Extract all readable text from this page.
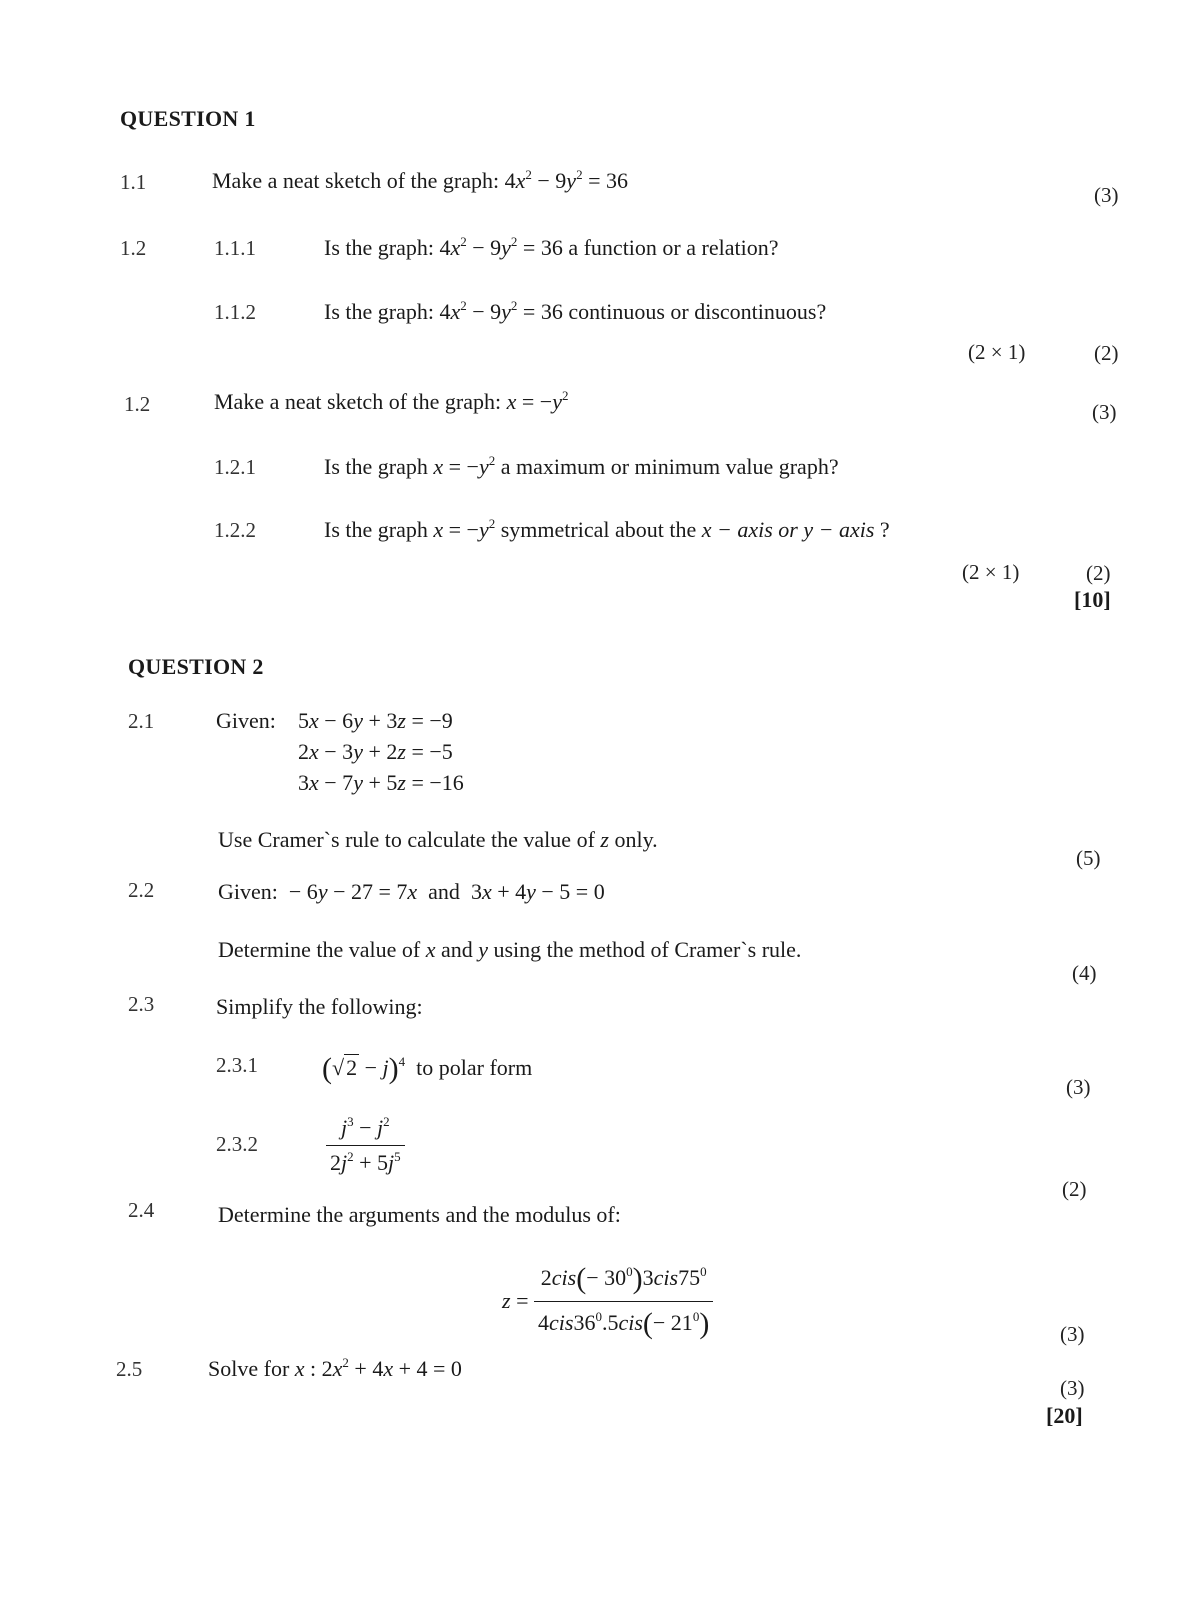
QUESTION 1
1.1	Make a neat sketch of the graph: $4x^2 - 9y^2 = 36$
(3)
1.2	1.1.1	Is the graph: $4x^2 - 9y^2 = 36$ a function or a relation?
1.1.2	Is the graph: $4x^2 - 9y^2 = 36$ continuous or discontinuous?
(2 × 1)	(2)
1.2	Make a neat sketch of the graph: $x = -y^2$
(3)
1.2.1	Is the graph $x = -y^2$ a maximum or minimum value graph?
1.2.2	Is the graph $x = -y^2$ symmetrical about the x − axis or y − axis ?
(2 × 1)	(2)
[10]
QUESTION 2
2.1	Given: 5x − 6y + 3z = −9
2x − 3y + 2z = −5
3x − 7y + 5z = −16
Use Cramer`s rule to calculate the value of z only.
(5)
2.2	Given: − 6y − 27 = 7x and 3x + 4y − 5 = 0
Determine the value of x and y using the method of Cramer`s rule.
(4)
2.3	Simplify the following:
2.3.1 $(√2 - j)^4$ to polar form
(3)
2.3.2	$\frac{j^3 - j^2}{2j^2 + 5j^5}$
(2)
2.4	Determine the arguments and the modulus of:
$z = \frac{2cis(- 30^0)3cis75^0}{4cis36^0.5cis(- 21^0)}$	(3)
2.5	Solve for x : $2x^2 + 4x + 4 = 0$
(3)
[20]
